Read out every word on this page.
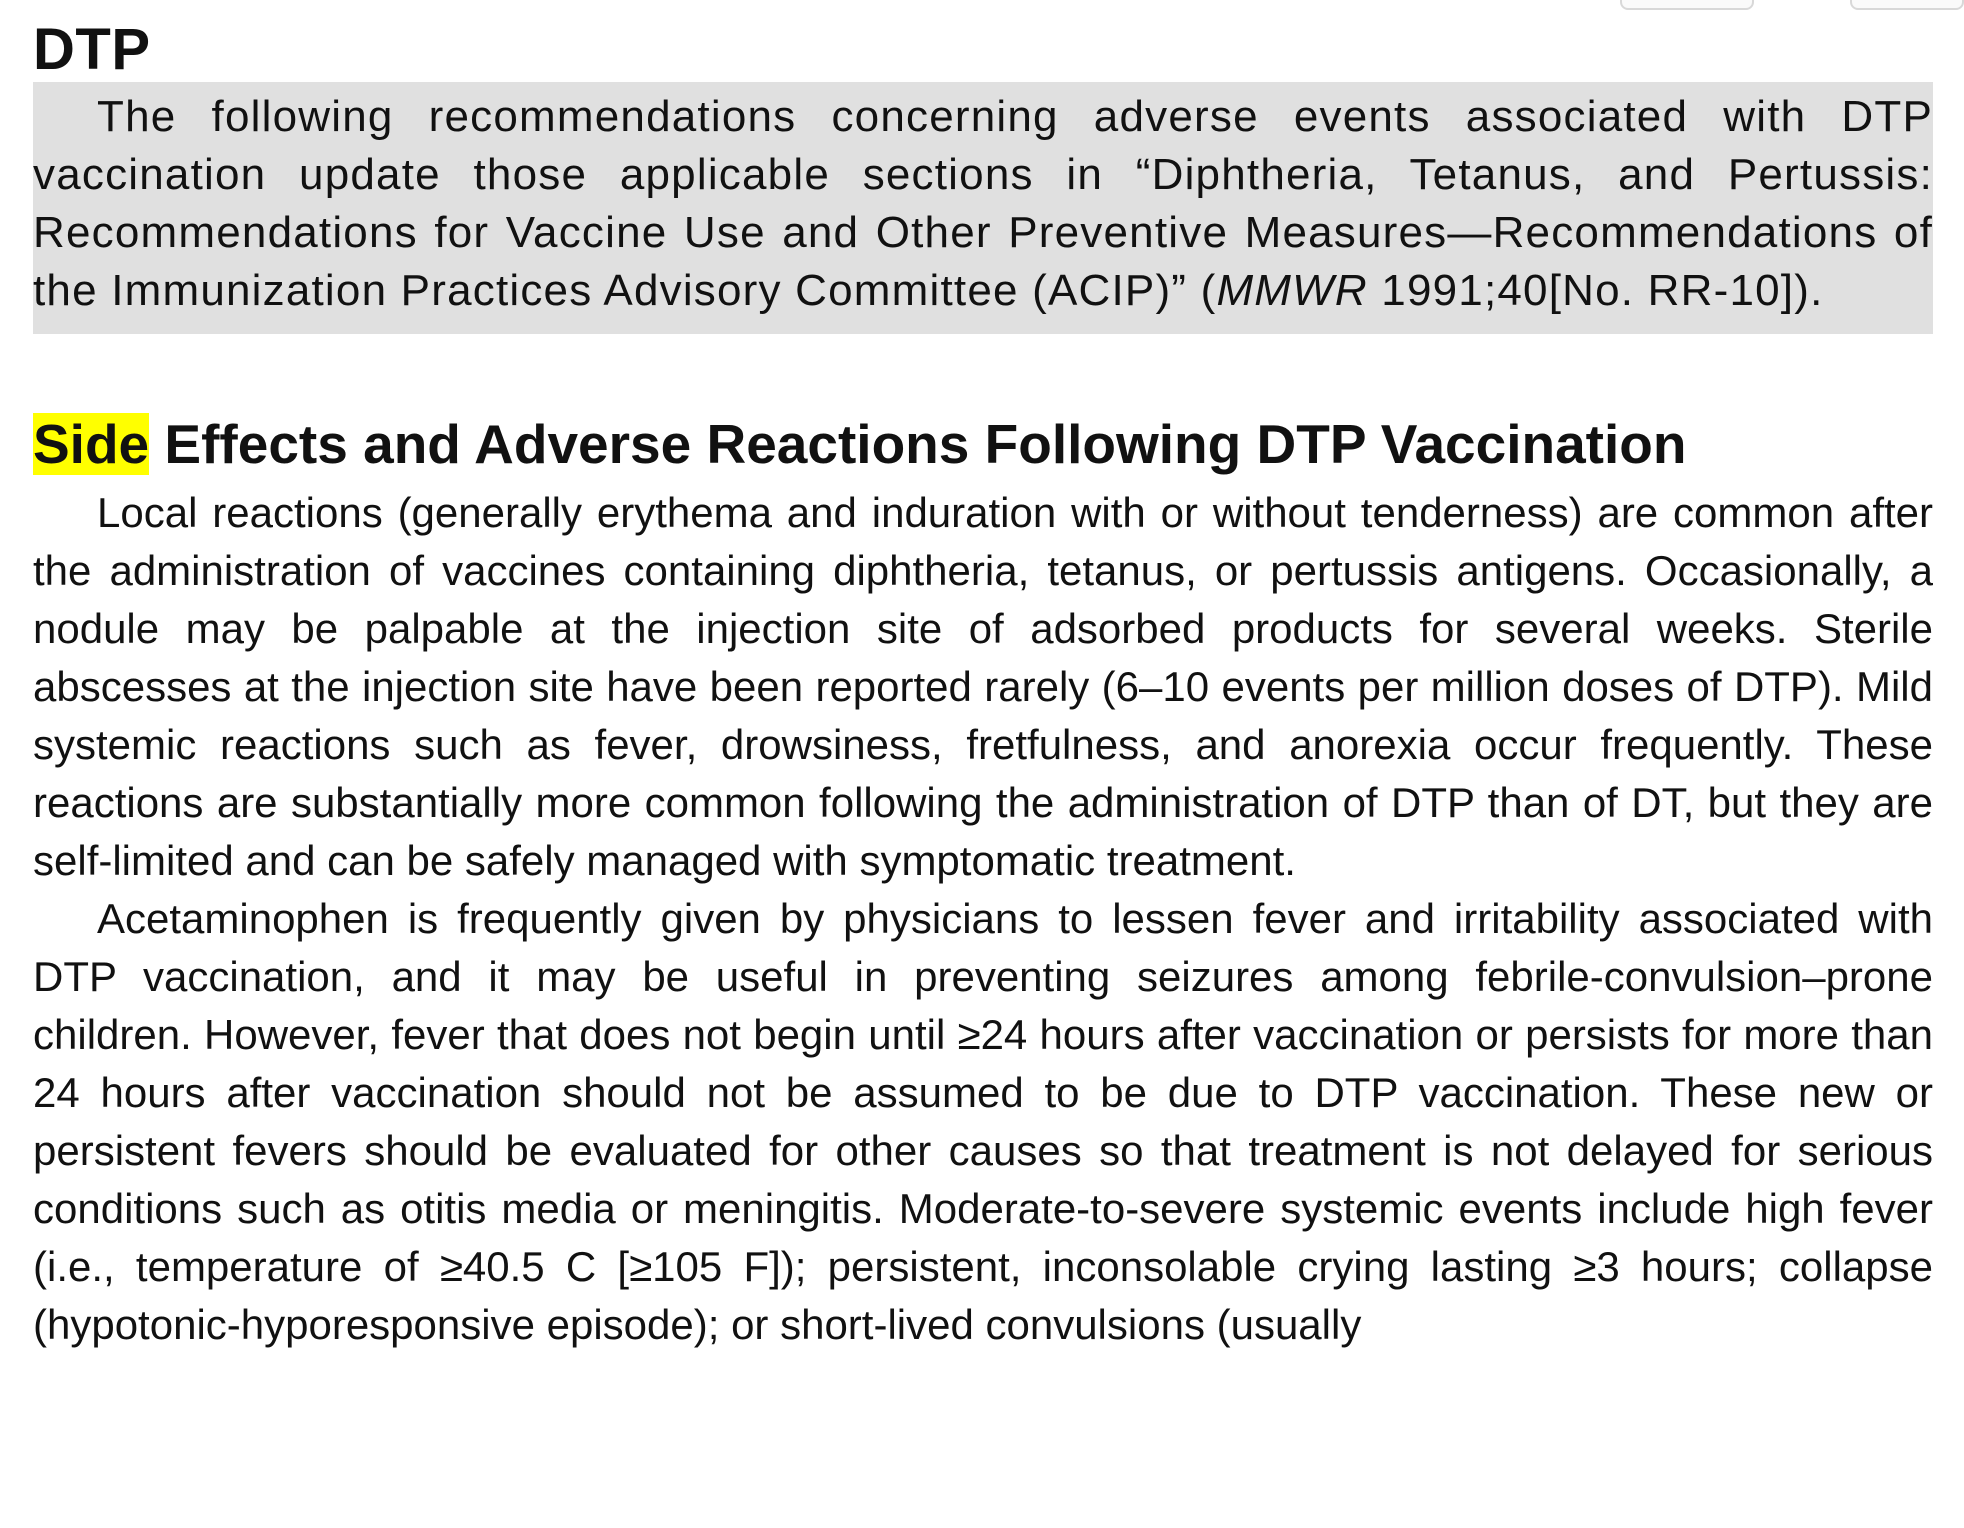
DTP

The following recommendations concerning adverse events associated with DTP vaccination update those applicable sections in “Diphtheria, Tetanus, and Pertussis: Recommendations for Vaccine Use and Other Preventive Measures—Recommendations of the Immunization Practices Advisory Committee (ACIP)” (MMWR 1991;40[No. RR-10]).

Side Effects and Adverse Reactions Following DTP Vaccination

Local reactions (generally erythema and induration with or without tenderness) are common after the administration of vaccines containing diphtheria, tetanus, or pertussis antigens. Occasionally, a nodule may be palpable at the injection site of adsorbed products for several weeks. Sterile abscesses at the injection site have been reported rarely (6–10 events per million doses of DTP). Mild systemic reactions such as fever, drowsiness, fretfulness, and anorexia occur frequently. These reactions are substantially more common following the administration of DTP than of DT, but they are self-limited and can be safely managed with symptomatic treatment.

Acetaminophen is frequently given by physicians to lessen fever and irritability associated with DTP vaccination, and it may be useful in preventing seizures among febrile-convulsion–prone children. However, fever that does not begin until ≥24 hours after vaccination or persists for more than 24 hours after vaccination should not be assumed to be due to DTP vaccination. These new or persistent fevers should be evaluated for other causes so that treatment is not delayed for serious conditions such as otitis media or meningitis. Moderate-to-severe systemic events include high fever (i.e., temperature of ≥40.5 C [≥105 F]); persistent, inconsolable crying lasting ≥3 hours; collapse (hypotonic-hyporesponsive episode); or short-lived convulsions (usually
